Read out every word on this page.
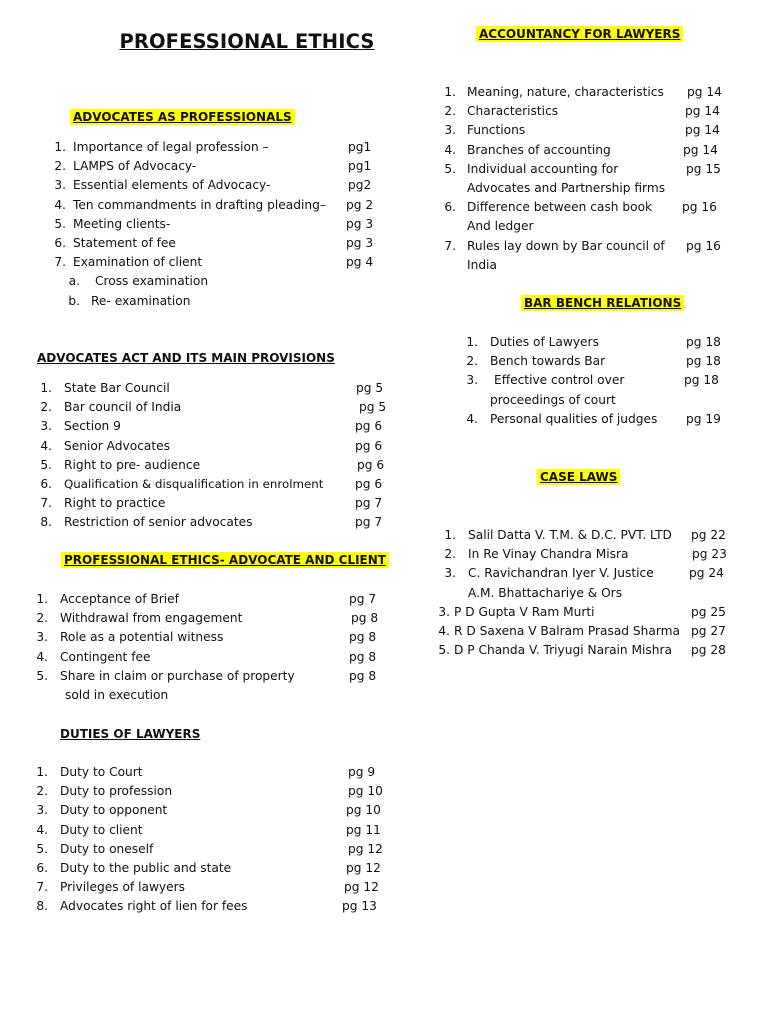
PROFESSIONAL ETHICS
ADVOCATES AS PROFESSIONALS
1. Importance of legal profession –	pg1
2. LAMPS of Advocacy-	pg1
3. Essential elements of Advocacy-	pg2
4. Ten commandments in drafting pleading– pg 2
5. Meeting clients-	pg 3
6. Statement of fee	pg 3
7. Examination of client	pg 4
a. Cross examination
b. Re- examination
ADVOCATES ACT AND ITS MAIN PROVISIONS
1. State Bar Council	pg 5
2. Bar council of India	pg 5
3. Section 9	pg 6
4. Senior Advocates	pg 6
5. Right to pre- audience	pg 6
6. Qualification & disqualification in enrolment	pg 6
7. Right to practice	pg 7
8. Restriction of senior advocates	pg 7
PROFESSIONAL ETHICS- ADVOCATE AND CLIENT
1. Acceptance of Brief	pg 7
2. Withdrawal from engagement	pg 8
3. Role as a potential witness	pg 8
4. Contingent fee	pg 8
5. Share in claim or purchase of property	pg 8
sold in execution
DUTIES OF LAWYERS
1. Duty to Court	pg 9
2. Duty to profession	pg 10
3. Duty to opponent	pg 10
4. Duty to client	pg 11
5. Duty to oneself	pg 12
6. Duty to the public and state	pg 12
7. Privileges of lawyers	pg 12
8. Advocates right of lien for fees	pg 13
ACCOUNTANCY FOR LAWYERS
1. Meaning, nature, characteristics pg 14
2. Characteristics	pg 14
3. Functions	pg 14
4. Branches of accounting	pg 14
5. Individual accounting for	pg 15
Advocates and Partnership firms
6. Difference between cash book pg 16
And ledger
7. Rules lay down by Bar council of pg 16
India
BAR BENCH RELATIONS
1. Duties of Lawyers	pg 18
2. Bench towards Bar	pg 18
3. Effective control over	pg 18
proceedings of court
4. Personal qualities of judges pg 19
CASE LAWS
1. Salil Datta V. T.M. & D.C. PVT. LTD pg 22
2. In Re Vinay Chandra Misra	pg 23
3. C. Ravichandran Iyer V. Justice	pg 24
A.M. Bhattachariye & Ors
3. P D Gupta V Ram Murti	pg 25
4. R D Saxena V Balram Prasad Sharma pg 27
5. D P Chanda V. Triyugi Narain Mishra pg 28
